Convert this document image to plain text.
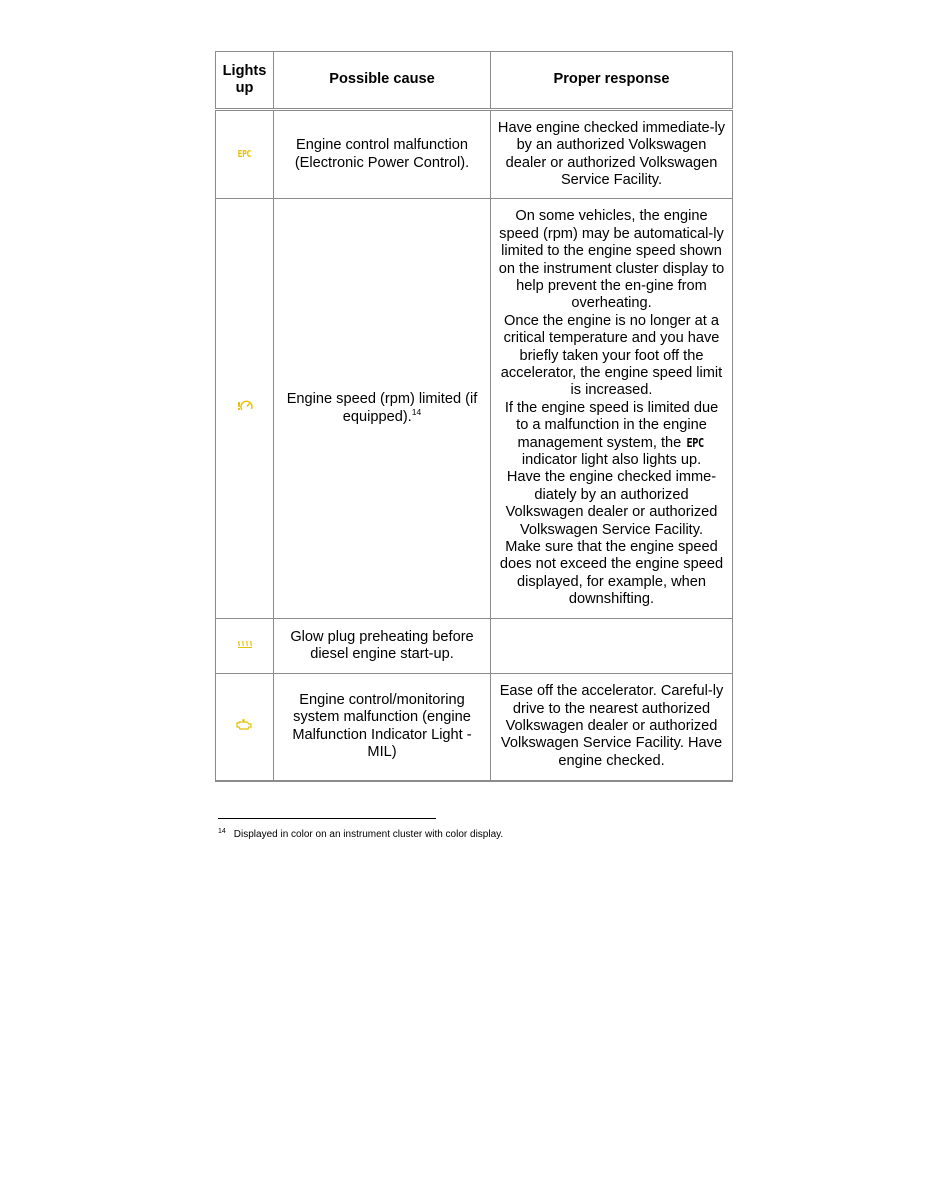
Lights up	Possible cause	Proper response
EPC	Engine control malfunction (Electronic Power Control).	Have engine checked immediate-ly by an authorized Volkswagen dealer or authorized Volkswagen Service Facility.

!	Engine speed (rpm) limited (if equipped).$^{14}$	On some vehicles, the engine speed (rpm) may be automatical-ly limited to the engine speed shown on the instrument cluster display to help prevent the en-gine from overheating.
Once the engine is no longer at a critical temperature and you have briefly taken your foot off the accelerator, the engine speed limit is increased.
If the engine speed is limited due to a malfunction in the engine management system, the EPC indicator light also lights up.
Have the engine checked imme-diately by an authorized Volkswagen dealer or authorized Volkswagen Service Facility.
Make sure that the engine speed does not exceed the engine speed displayed, for example, when downshifting.

	Glow plug preheating before diesel engine start-up.	
	Engine control/monitoring system malfunction (engine Malfunction Indicator Light - MIL)	Ease off the accelerator. Careful-ly drive to the nearest authorized Volkswagen dealer or authorized Volkswagen Service Facility. Have engine checked.
$^{14}$ Displayed in color on an instrument cluster with color display.
